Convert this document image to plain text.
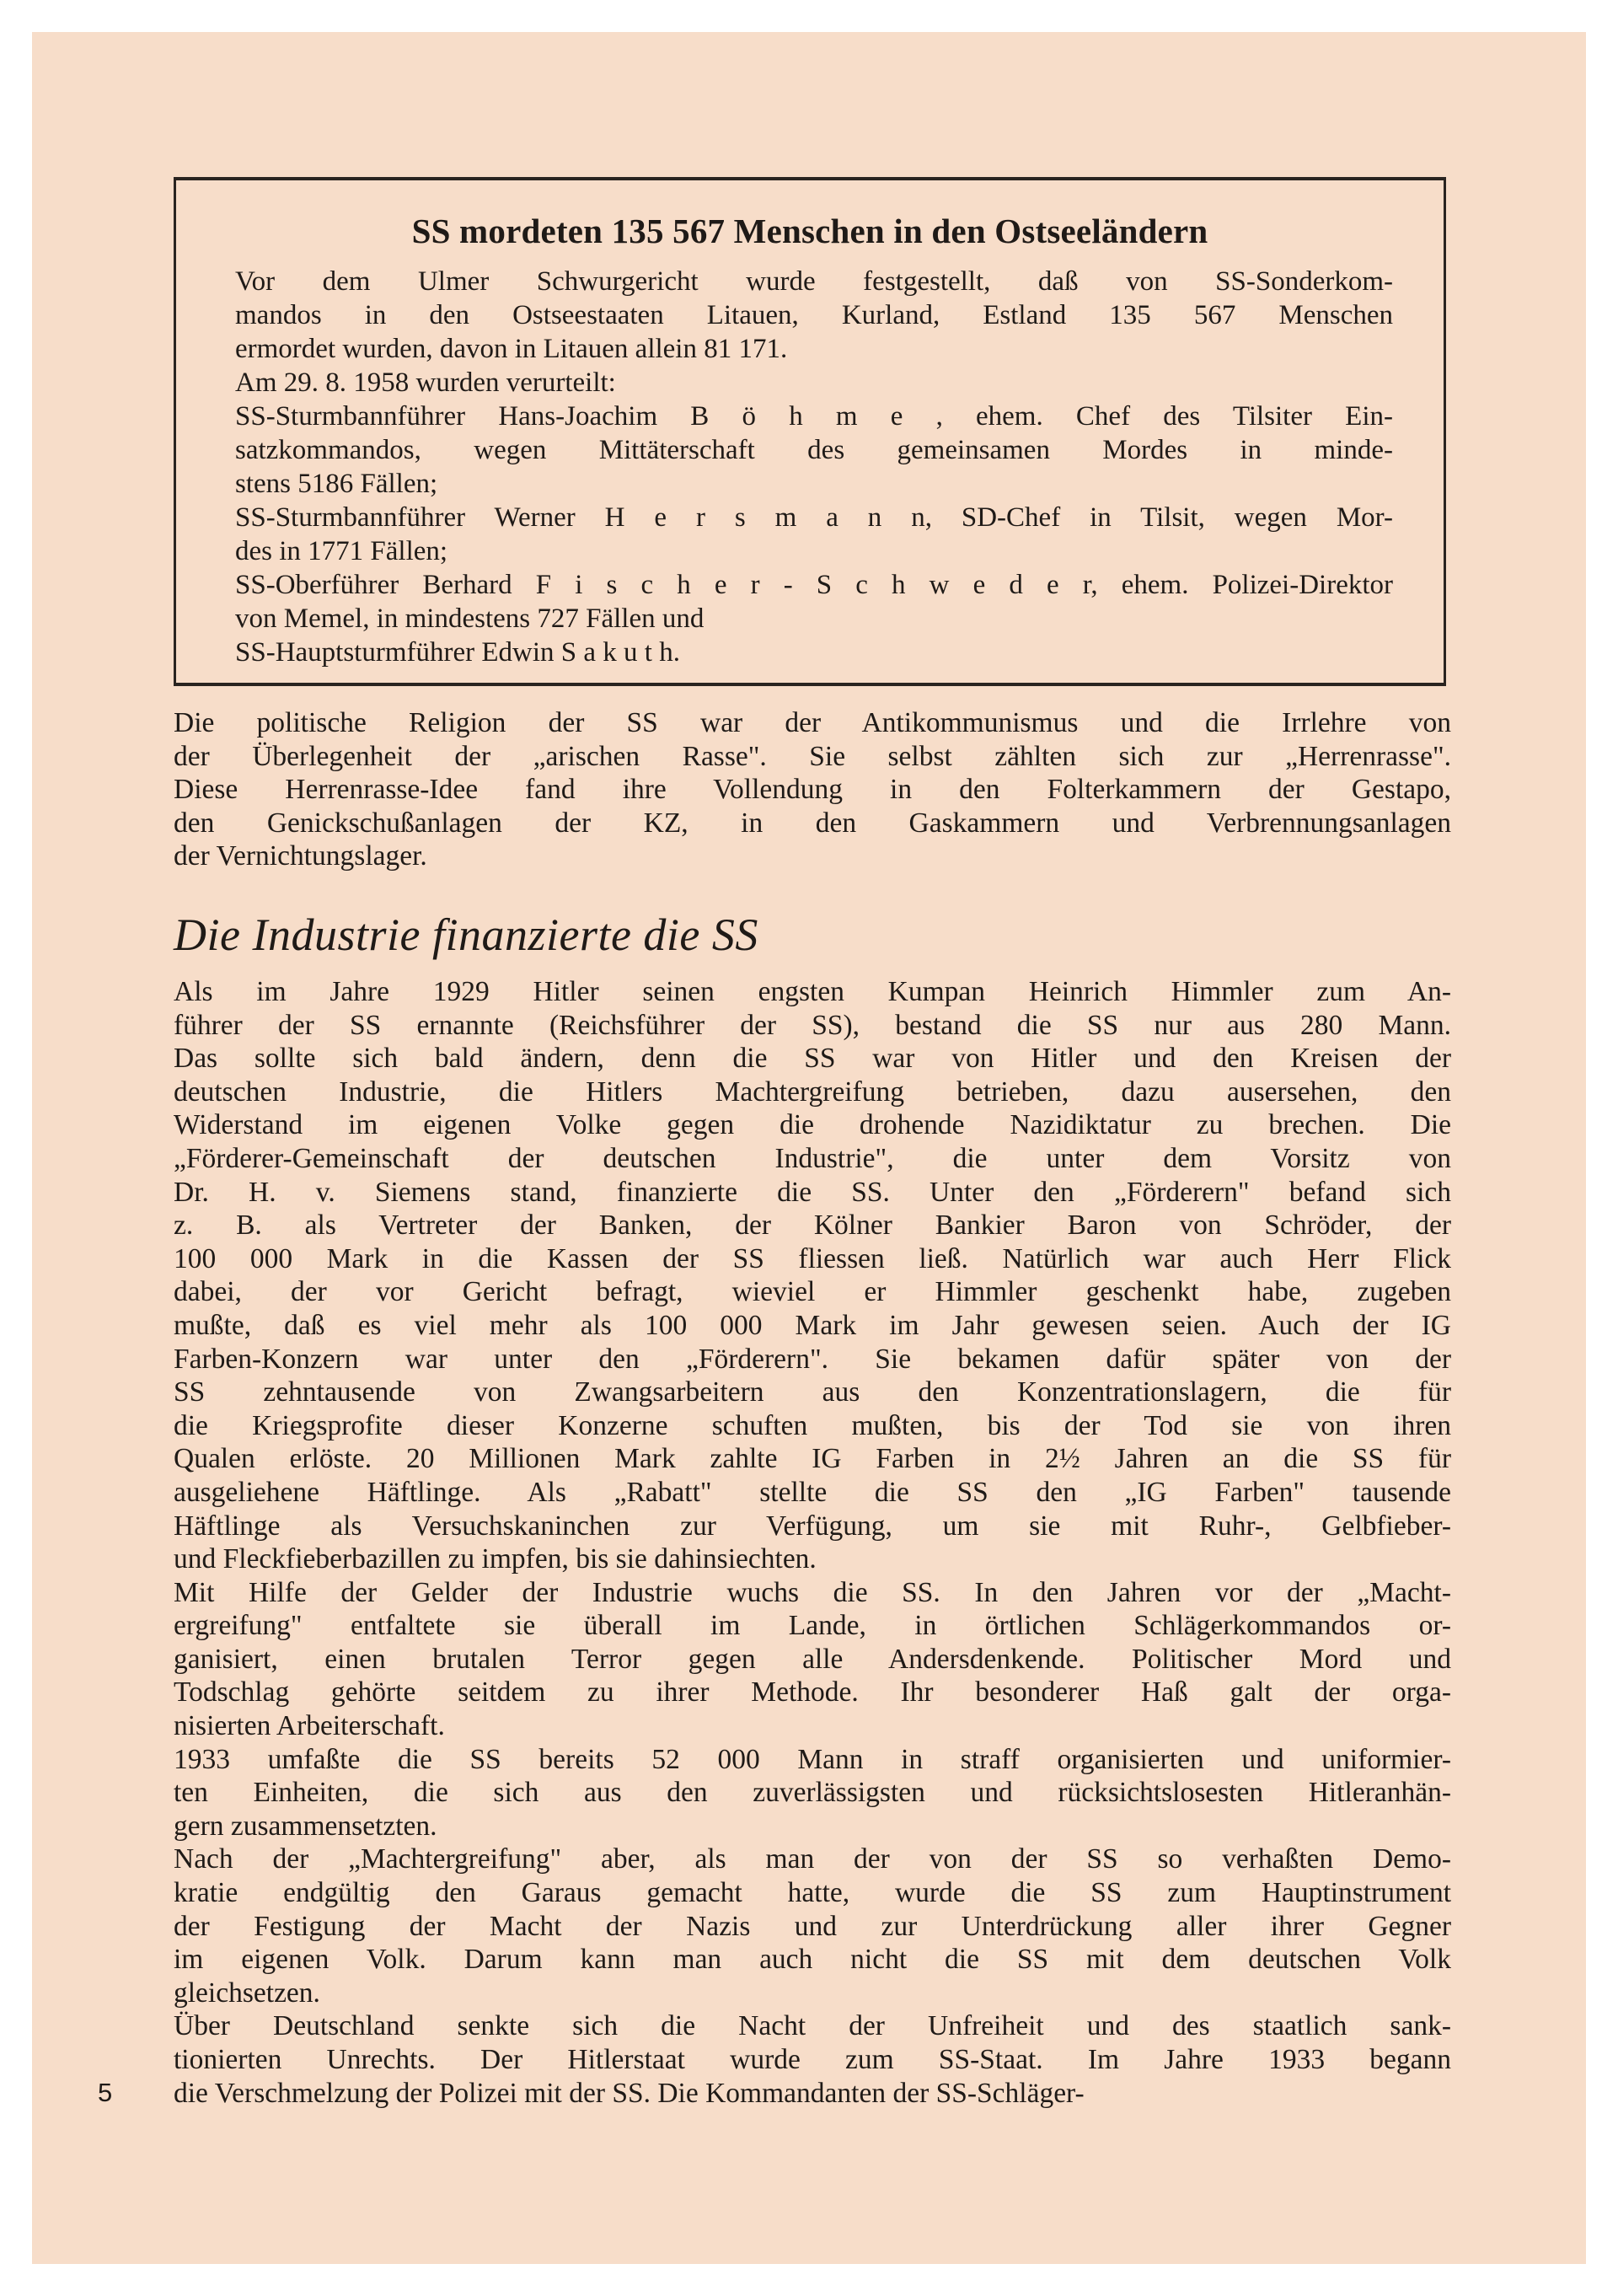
SS mordeten 135 567 Menschen in den Ostseeländern
Vor dem Ulmer Schwurgericht wurde festgestellt, daß von SS-Sonderkom-
mandos in den Ostseestaaten Litauen, Kurland, Estland 135 567 Menschen
ermordet wurden, davon in Litauen allein 81 171.
Am 29. 8. 1958 wurden verurteilt:
SS-Sturmbannführer Hans-Joachim B ö h m e , ehem. Chef des Tilsiter Ein-
satzkommandos, wegen Mittäterschaft des gemeinsamen Mordes in minde-
stens 5186 Fällen;
SS-Sturmbannführer Werner H e r s m a n n, SD-Chef in Tilsit, wegen Mor-
des in 1771 Fällen;
SS-Oberführer Berhard F i s c h e r - S c h w e d e r, ehem. Polizei-Direktor
von Memel, in mindestens 727 Fällen und
SS-Hauptsturmführer Edwin S a k u t h.
Die politische Religion der SS war der Antikommunismus und die Irrlehre von
der Überlegenheit der „arischen Rasse". Sie selbst zählten sich zur „Herrenrasse".
Diese Herrenrasse-Idee fand ihre Vollendung in den Folterkammern der Gestapo,
den Genickschußanlagen der KZ, in den Gaskammern und Verbrennungsanlagen
der Vernichtungslager.
Die Industrie finanzierte die SS
Als im Jahre 1929 Hitler seinen engsten Kumpan Heinrich Himmler zum An-
führer der SS ernannte (Reichsführer der SS), bestand die SS nur aus 280 Mann.
Das sollte sich bald ändern, denn die SS war von Hitler und den Kreisen der
deutschen Industrie, die Hitlers Machtergreifung betrieben, dazu ausersehen, den
Widerstand im eigenen Volke gegen die drohende Nazidiktatur zu brechen. Die
„Förderer-Gemeinschaft der deutschen Industrie", die unter dem Vorsitz von
Dr. H. v. Siemens stand, finanzierte die SS. Unter den „Förderern" befand sich
z. B. als Vertreter der Banken, der Kölner Bankier Baron von Schröder, der
100 000 Mark in die Kassen der SS fliessen ließ. Natürlich war auch Herr Flick
dabei, der vor Gericht befragt, wieviel er Himmler geschenkt habe, zugeben
mußte, daß es viel mehr als 100 000 Mark im Jahr gewesen seien. Auch der IG
Farben-Konzern war unter den „Förderern". Sie bekamen dafür später von der
SS zehntausende von Zwangsarbeitern aus den Konzentrationslagern, die für
die Kriegsprofite dieser Konzerne schuften mußten, bis der Tod sie von ihren
Qualen erlöste. 20 Millionen Mark zahlte IG Farben in 2½ Jahren an die SS für
ausgeliehene Häftlinge. Als „Rabatt" stellte die SS den „IG Farben" tausende
Häftlinge als Versuchskaninchen zur Verfügung, um sie mit Ruhr-, Gelbfieber-
und Fleckfieberbazillen zu impfen, bis sie dahinsiechten.
Mit Hilfe der Gelder der Industrie wuchs die SS. In den Jahren vor der „Macht-
ergreifung" entfaltete sie überall im Lande, in örtlichen Schlägerkommandos or-
ganisiert, einen brutalen Terror gegen alle Andersdenkende. Politischer Mord und
Todschlag gehörte seitdem zu ihrer Methode. Ihr besonderer Haß galt der orga-
nisierten Arbeiterschaft.
1933 umfaßte die SS bereits 52 000 Mann in straff organisierten und uniformier-
ten Einheiten, die sich aus den zuverlässigsten und rücksichtslosesten Hitleranhän-
gern zusammensetzten.
Nach der „Machtergreifung" aber, als man der von der SS so verhaßten Demo-
kratie endgültig den Garaus gemacht hatte, wurde die SS zum Hauptinstrument
der Festigung der Macht der Nazis und zur Unterdrückung aller ihrer Gegner
im eigenen Volk. Darum kann man auch nicht die SS mit dem deutschen Volk
gleichsetzen.
Über Deutschland senkte sich die Nacht der Unfreiheit und des staatlich sank-
tionierten Unrechts. Der Hitlerstaat wurde zum SS-Staat. Im Jahre 1933 begann
die Verschmelzung der Polizei mit der SS. Die Kommandanten der SS-Schläger-
5
